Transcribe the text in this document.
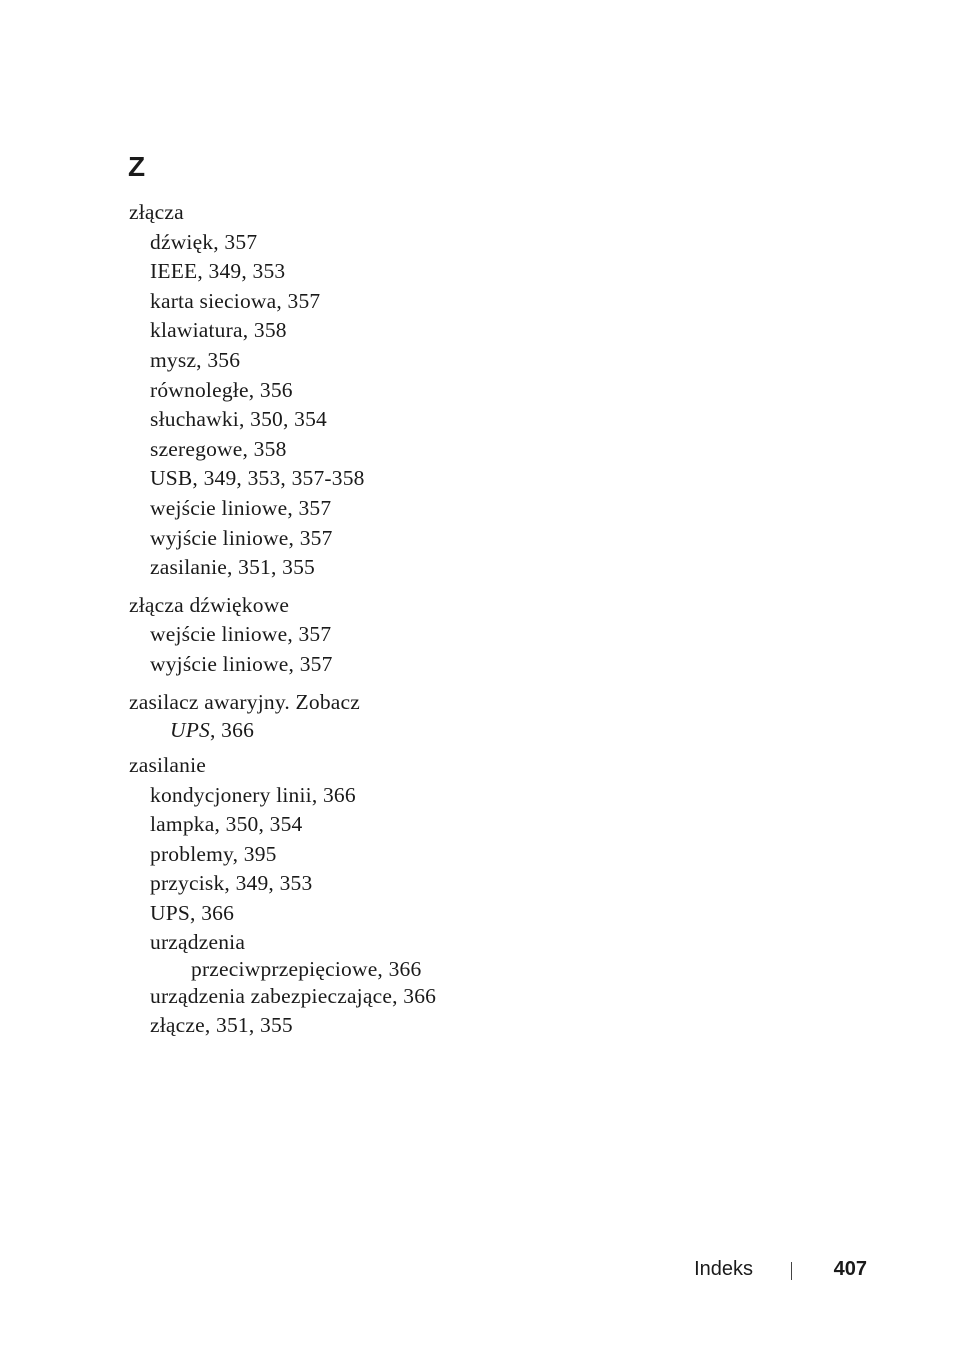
Z
złącza
dźwięk, 357
IEEE, 349, 353
karta sieciowa, 357
klawiatura, 358
mysz, 356
równoległe, 356
słuchawki, 350, 354
szeregowe, 358
USB, 349, 353, 357-358
wejście liniowe, 357
wyjście liniowe, 357
zasilanie, 351, 355
złącza dźwiękowe
wejście liniowe, 357
wyjście liniowe, 357
zasilacz awaryjny. Zobacz
UPS, 366
zasilanie
kondycjonery linii, 366
lampka, 350, 354
problemy, 395
przycisk, 349, 353
UPS, 366
urządzenia
przeciwprzepięciowe, 366
urządzenia zabezpieczające, 366
złącze, 351, 355
Indeks	407
